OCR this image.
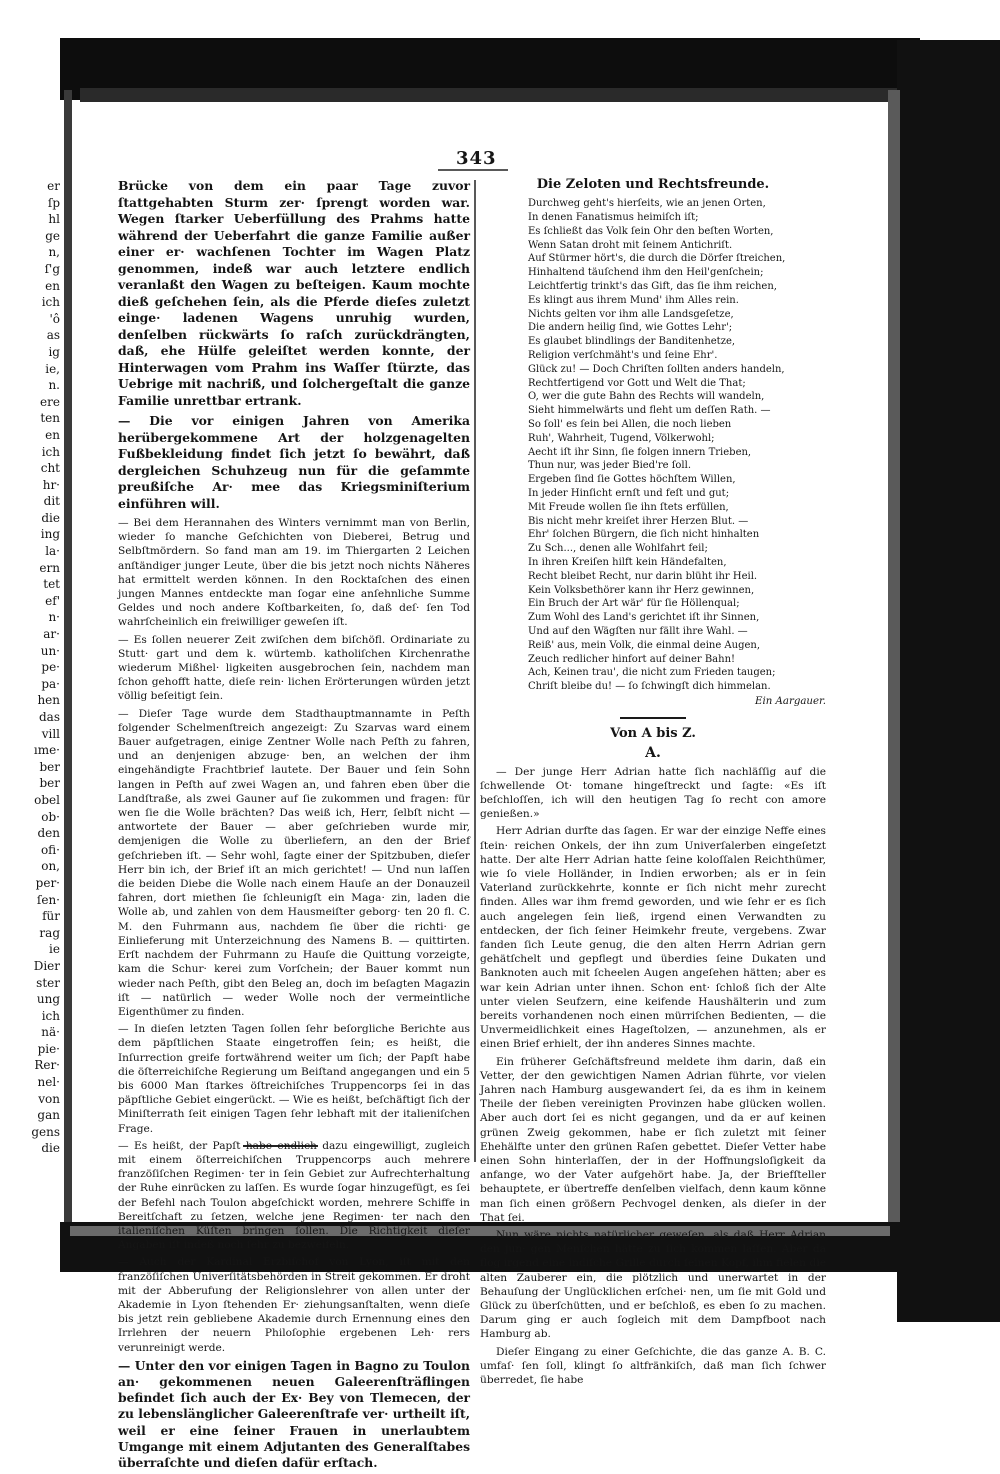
er
ſp
hl
ge
n,
ſ'g
en
ich
'ô
as
ig
ie,
n.
ere
ten
en
ich
cht
hr·
dit
die
ing
la·
ern
tet
ef'
n·
ar·
un·
pe·
pa·
hen
das
vill
ıme·
ber
ber
obel
ob·
den
ofi·
on,
per·
ſen·
für
rag
ie
Dier
ster
ung
ich
nä·
pie·
Rer·
nel·
von
gan
gens
die
343

Brücke von dem ein paar Tage zuvor ſtattgehabten Sturm zer· ſprengt worden war. Wegen ſtarker Ueberfüllung des Prahms hatte während der Ueberfahrt die ganze Familie außer einer er· wachſenen Tochter im Wagen Platz genommen, indeß war auch letztere endlich veranlaßt den Wagen zu beſteigen. Kaum mochte dieß geſchehen ſein, als die Pferde dieſes zuletzt einge· ladenen Wagens unruhig wurden, denſelben rückwärts ſo raſch zurückdrängten, daß, ehe Hülfe geleiſtet werden konnte, der Hinterwagen vom Prahm ins Waſſer ſtürzte, das Uebrige mit nachriß, und ſolchergeſtalt die ganze Familie unrettbar ertrank.

— Die vor einigen Jahren von Amerika herübergekommene Art der holzgenagelten Fußbekleidung findet ſich jetzt ſo bewährt, daß dergleichen Schuhzeug nun für die geſammte preußiſche Ar· mee das Kriegsminiſterium einführen will.

— Bei dem Herannahen des Winters vernimmt man von Berlin, wieder ſo manche Geſchichten von Dieberei, Betrug und Selbſtmördern. So fand man am 19. im Thiergarten 2 Leichen anſtändiger junger Leute, über die bis jetzt noch nichts Näheres hat ermittelt werden können. In den Rocktaſchen des einen jungen Mannes entdeckte man ſogar eine anſehnliche Summe Geldes und noch andere Koſtbarkeiten, ſo, daß deſ· ſen Tod wahrſcheinlich ein freiwilliger geweſen iſt.

— Es ſollen neuerer Zeit zwiſchen dem biſchöfl. Ordinariate zu Stutt· gart und dem k. würtemb. katholiſchen Kirchenrathe wiederum Mißhel· ligkeiten ausgebrochen ſein, nachdem man ſchon gehofft hatte, dieſe rein· lichen Erörterungen würden jetzt völlig beſeitigt ſein.

— Dieſer Tage wurde dem Stadthauptmannamte in Peſth folgender Schelmenſtreich angezeigt: Zu Szarvas ward einem Bauer aufgetragen, einige Zentner Wolle nach Peſth zu fahren, und an denjenigen abzuge· ben, an welchen der ihm eingehändigte Frachtbrief lautete. Der Bauer und ſein Sohn langen in Peſth auf zwei Wagen an, und fahren eben über die Landſtraße, als zwei Gauner auf ſie zukommen und fragen: für wen ſie die Wolle brächten? Das weiß ich, Herr, ſelbſt nicht — antwortete der Bauer — aber geſchrieben wurde mir, demjenigen die Wolle zu überliefern, an den der Brief geſchrieben iſt. — Sehr wohl, ſagte einer der Spitzbuben, dieſer Herr bin ich, der Brief iſt an mich gerichtet! — Und nun laſſen die beiden Diebe die Wolle nach einem Hauſe an der Donauzeil fahren, dort miethen ſie ſchleunigſt ein Maga· zin, laden die Wolle ab, und zahlen von dem Hausmeiſter geborg· ten 20 fl. C. M. den Fuhrmann aus, nachdem ſie über die richti· ge Einlieferung mit Unterzeichnung des Namens B. — quittirten. Erſt nachdem der Fuhrmann zu Hauſe die Quittung vorzeigte, kam die Schur· kerei zum Vorſchein; der Bauer kommt nun wieder nach Peſth, gibt den Beleg an, doch im beſagten Magazin iſt — natürlich — weder Wolle noch der vermeintliche Eigenthümer zu finden.

— In dieſen letzten Tagen ſollen ſehr beſorgliche Berichte aus dem päpſtlichen Staate eingetroffen ſein; es heißt, die Inſurrection greife fortwährend weiter um ſich; der Papſt habe die öſterreichiſche Regierung um Beiſtand angegangen und ein 5 bis 6000 Man ſtarkes öſtreichiſches Truppencorps ſei in das päpſtliche Gebiet eingerückt. — Wie es heißt, beſchäftigt ſich der Miniſterrath ſeit einigen Tagen ſehr lebhaft mit der italieniſchen Frage.

— Es heißt, der Papſt habe endlich dazu eingewilligt, zugleich mit einem öſterreichiſchen Truppencorps auch mehrere franzöſiſchen Regimen· ter in ſein Gebiet zur Aufrechterhaltung der Ruhe einrücken zu laſſen. Es wurde ſogar hinzugefügt, es ſei der Befehl nach Toulon abgeſchickt worden, mehrere Schiffe in Bereitſchaft zu ſetzen, welche jene Regimen· ter nach den italieniſchen Küſten bringen ſollen. Die Richtigkeit dieſer Angaben iſt indeß noch ſehr zu bezweifeln.

— Auch der Kardinal Erzbiſchof von Lyon, iſt mit den franzöſiſchen Univerſitätsbehörden in Streit gekommen. Er droht mit der Abberufung der Religionslehrer von allen unter der Akademie in Lyon ſtehenden Er· ziehungsanſtalten, wenn dieſe bis jetzt rein gebliebene Akademie durch Ernennung eines den Irrlehren der neuern Philoſophie ergebenen Leh· rers verunreinigt werde.

— Unter den vor einigen Tagen in Bagno zu Toulon an· gekommenen neuen Galeerenſträflingen befindet ſich auch der Ex· Bey von Tlemecen, der zu lebenslänglicher Galeerenſtrafe ver· urtheilt iſt, weil er eine ſeiner Frauen in unerlaubtem Umgange mit einem Adjutanten des Generalſtabes überraſchte und dieſen dafür erſtach.

Die Zeloten und Rechtsfreunde.
Durchweg geht's hierſeits, wie an jenen Orten,
In denen Fanatismus heimiſch iſt;
Es ſchließt das Volk ſein Ohr den beſten Worten,
Wenn Satan droht mit ſeinem Antichriſt.
Auf Stürmer hört's, die durch die Dörfer ſtreichen,
Hinhaltend täuſchend ihm den Heil'genſchein;
Leichtfertig trinkt's das Gift, das ſie ihm reichen,
Es klingt aus ihrem Mund' ihm Alles rein.
Nichts gelten vor ihm alle Landsgeſetze,
Die andern heilig ſind, wie Gottes Lehr';
Es glaubet blindlings der Banditenhetze,
Religion verſchmäht's und ſeine Ehr'.
Glück zu! — Doch Chriſten ſollten anders handeln,
Rechtfertigend vor Gott und Welt die That;
O, wer die gute Bahn des Rechts will wandeln,
Sieht himmelwärts und fleht um deſſen Rath. —
So ſoll' es ſein bei Allen, die noch lieben
Ruh', Wahrheit, Tugend, Völkerwohl;
Aecht iſt ihr Sinn, ſie folgen innern Trieben,
Thun nur, was jeder Bied're ſoll.
Ergeben ſind ſie Gottes höchſtem Willen,
In jeder Hinſicht ernſt und feſt und gut;
Mit Freude wollen ſie ihn ſtets erfüllen,
Bis nicht mehr kreiſet ihrer Herzen Blut. —
Ehr' ſolchen Bürgern, die ſich nicht hinhalten
Zu Sch..., denen alle Wohlfahrt feil;
In ihren Kreiſen hilft kein Händefalten,
Recht bleibet Recht, nur darin blüht ihr Heil.
Kein Volksbethörer kann ihr Herz gewinnen,
Ein Bruch der Art wär' für ſie Höllenqual;
Zum Wohl des Land's gerichtet iſt ihr Sinnen,
Und auf den Wägſten nur fällt ihre Wahl. —
Reiß' aus, mein Volk, die einmal deine Augen,
Zeuch redlicher hinfort auf deiner Bahn!
Ach, Keinen trau', die nicht zum Frieden taugen;
Chriſt bleibe du! — ſo ſchwingſt dich himmelan.
Ein Aargauer.
Von A bis Z.
A.

— Der junge Herr Adrian hatte ſich nachläſſig auf die ſchwellende Ot· tomane hingeſtreckt und ſagte: «Es iſt beſchloſſen, ich will den heutigen Tag ſo recht con amore genießen.»

Herr Adrian durfte das ſagen. Er war der einzige Neffe eines ſtein· reichen Onkels, der ihn zum Univerſalerben eingeſetzt hatte. Der alte Herr Adrian hatte ſeine koloſſalen Reichthümer, wie ſo viele Holländer, in Indien erworben; als er in ſein Vaterland zurückkehrte, konnte er ſich nicht mehr zurecht finden. Alles war ihm fremd geworden, und wie ſehr er es ſich auch angelegen ſein ließ, irgend einen Verwandten zu entdecken, der ſich ſeiner Heimkehr freute, vergebens. Zwar fanden ſich Leute genug, die den alten Herrn Adrian gern gehätſchelt und gepflegt und überdies ſeine Dukaten und Banknoten auch mit ſcheelen Augen angeſehen hätten; aber es war kein Adrian unter ihnen. Schon ent· ſchloß ſich der Alte unter vielen Seufzern, eine keifende Haushälterin und zum bereits vorhandenen noch einen mürriſchen Bedienten, — die Unvermeidlichkeit eines Hageſtolzen, — anzunehmen, als er einen Brief erhielt, der ihn anderes Sinnes machte.

Ein früherer Geſchäftsfreund meldete ihm darin, daß ein Vetter, der den gewichtigen Namen Adrian führte, vor vielen Jahren nach Hamburg ausgewandert ſei, da es ihm in keinem Theile der ſieben vereinigten Provinzen habe glücken wollen. Aber auch dort ſei es nicht gegangen, und da er auf keinen grünen Zweig gekommen, habe er ſich zuletzt mit ſeiner Ehehälfte unter den grünen Raſen gebettet. Dieſer Vetter habe einen Sohn hinterlaſſen, der in der Hoffnungsloſigkeit da anfange, wo der Vater aufgehört habe. Ja, der Briefſteller behauptete, er übertreffe denſelben vielfach, denn kaum könne man ſich einen größern Pechvogel denken, als dieſer in der That ſei.

Nun wäre nichts natürlicher geweſen, als daß Herr Adrian den jun· gen Menſchen hätte zu ſich kommen laſſen. Aber da flog irgend eine indiſche Grille durch ſeinen Kopf, ihm fielen die alten Zauberer ein, die plötzlich und unerwartet in der Behauſung der Unglücklichen erſchei· nen, um ſie mit Gold und Glück zu überſchütten, und er beſchloß, es eben ſo zu machen. Darum ging er auch ſogleich mit dem Dampfboot nach Hamburg ab.

Dieſer Eingang zu einer Geſchichte, die das ganze A. B. C. umfaſ· ſen ſoll, klingt ſo altfränkiſch, daß man ſich ſchwer überredet, ſie habe
